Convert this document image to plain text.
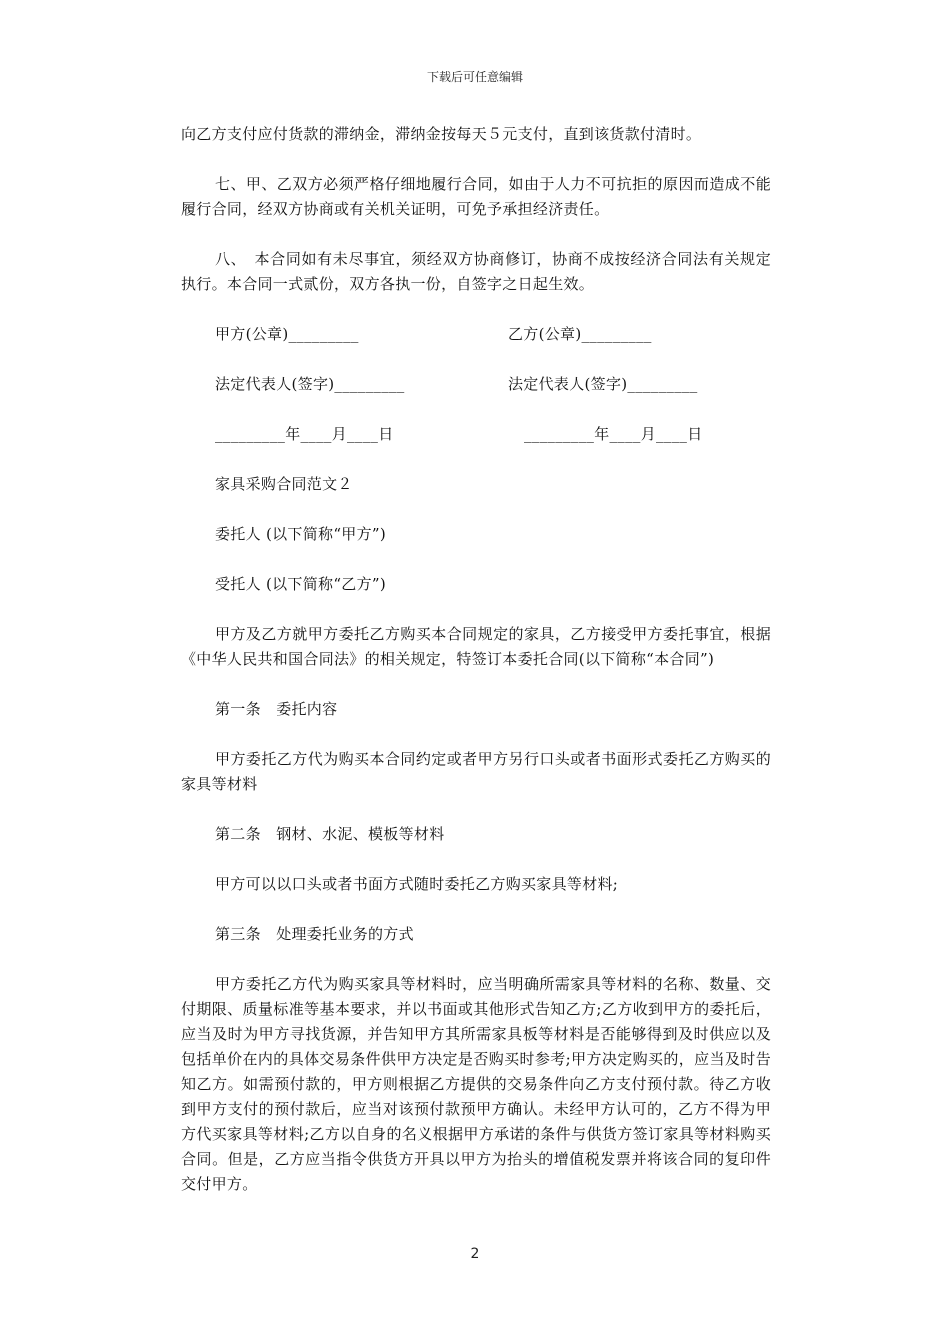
下载后可任意编辑

向乙方支付应付货款的滞纳金，滞纳金按每天５元支付，直到该货款付清时。

七、甲、乙双方必须严格仔细地履行合同，如由于人力不可抗拒的原因而造成不能履行合同，经双方协商或有关机关证明，可免予承担经济责任。

八、　本合同如有未尽事宜，须经双方协商修订，协商不成按经济合同法有关规定执行。本合同一式贰份，双方各执一份，自签字之日起生效。

甲方(公章)_________	乙方(公章)_________
法定代表人(签字)_________	法定代表人(签字)_________
_________年____月____日	_________年____月____日

家具采购合同范文２

委托人 (以下简称“甲方”)

受托人 (以下简称“乙方”)

甲方及乙方就甲方委托乙方购买本合同规定的家具，乙方接受甲方委托事宜，根据《中华人民共和国合同法》的相关规定，特签订本委托合同(以下简称“本合同”)

第一条　委托内容

甲方委托乙方代为购买本合同约定或者甲方另行口头或者书面形式委托乙方购买的家具等材料

第二条　钢材、水泥、模板等材料

甲方可以以口头或者书面方式随时委托乙方购买家具等材料;

第三条　处理委托业务的方式

甲方委托乙方代为购买家具等材料时，应当明确所需家具等材料的名称、数量、交付期限、质量标准等基本要求，并以书面或其他形式告知乙方;乙方收到甲方的委托后，应当及时为甲方寻找货源，并告知甲方其所需家具板等材料是否能够得到及时供应以及包括单价在内的具体交易条件供甲方决定是否购买时参考;甲方决定购买的，应当及时告知乙方。如需预付款的，甲方则根据乙方提供的交易条件向乙方支付预付款。待乙方收到甲方支付的预付款后，应当对该预付款预甲方确认。未经甲方认可的，乙方不得为甲方代买家具等材料;乙方以自身的名义根据甲方承诺的条件与供货方签订家具等材料购买合同。但是，乙方应当指令供货方开具以甲方为抬头的增值税发票并将该合同的复印件交付甲方。

2
